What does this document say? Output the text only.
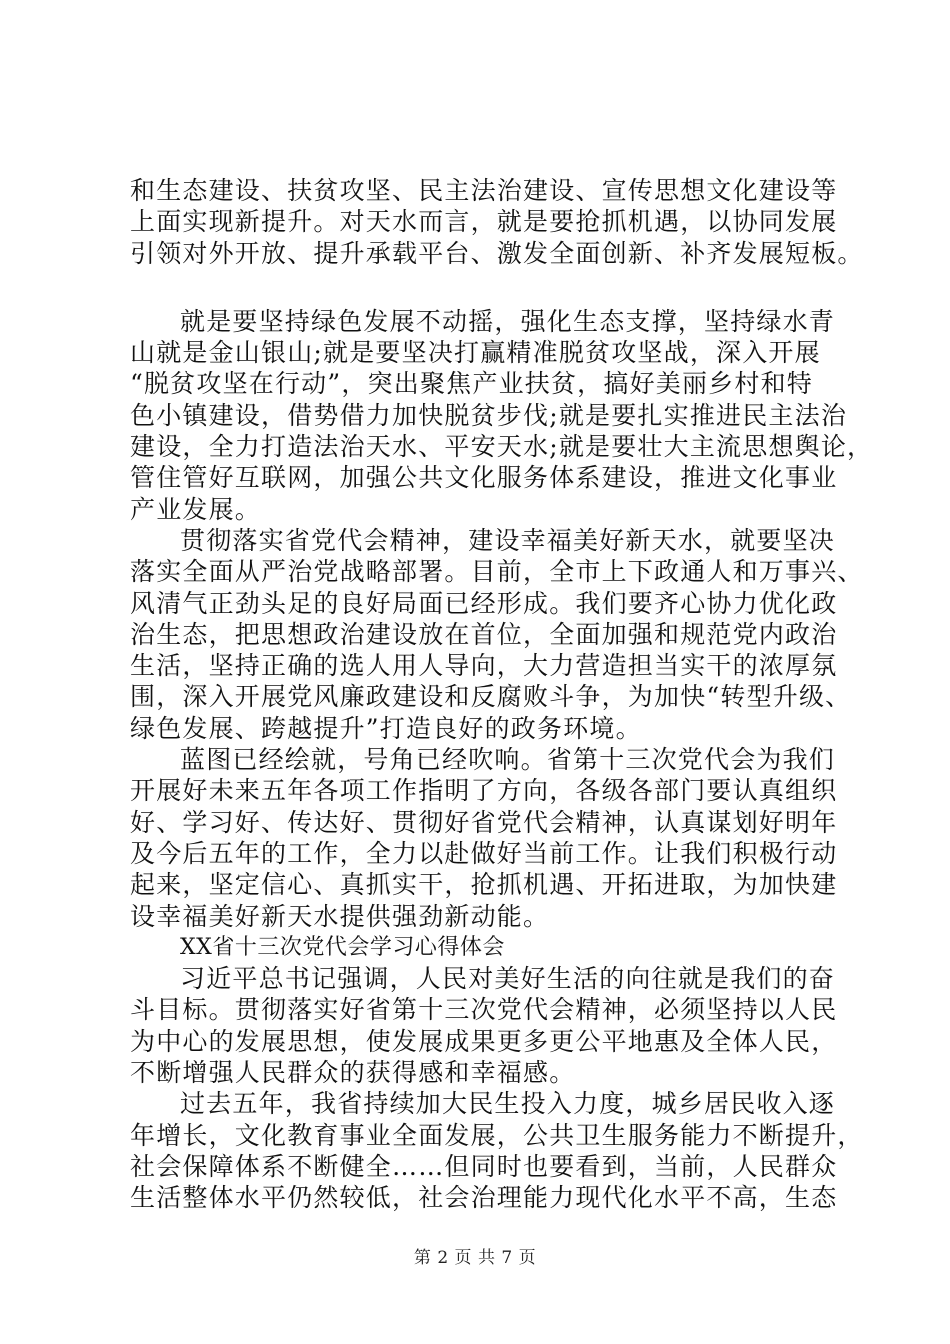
和生态建设、扶贫攻坚、民主法治建设、宣传思想文化建设等
上面实现新提升。对天水而言，就是要抢抓机遇，以协同发展
引领对外开放、提升承载平台、激发全面创新、补齐发展短板。
就是要坚持绿色发展不动摇，强化生态支撑，坚持绿水青
山就是金山银山;就是要坚决打赢精准脱贫攻坚战，深入开展
“脱贫攻坚在行动”，突出聚焦产业扶贫，搞好美丽乡村和特
色小镇建设，借势借力加快脱贫步伐;就是要扎实推进民主法治
建设，全力打造法治天水、平安天水;就是要壮大主流思想舆论，
管住管好互联网，加强公共文化服务体系建设，推进文化事业
产业发展。
贯彻落实省党代会精神，建设幸福美好新天水，就要坚决
落实全面从严治党战略部署。目前，全市上下政通人和万事兴、
风清气正劲头足的良好局面已经形成。我们要齐心协力优化政
治生态，把思想政治建设放在首位，全面加强和规范党内政治
生活，坚持正确的选人用人导向，大力营造担当实干的浓厚氛
围，深入开展党风廉政建设和反腐败斗争，为加快“转型升级、
绿色发展、跨越提升”打造良好的政务环境。
蓝图已经绘就，号角已经吹响。省第十三次党代会为我们
开展好未来五年各项工作指明了方向，各级各部门要认真组织
好、学习好、传达好、贯彻好省党代会精神，认真谋划好明年
及今后五年的工作，全力以赴做好当前工作。让我们积极行动
起来，坚定信心、真抓实干，抢抓机遇、开拓进取，为加快建
设幸福美好新天水提供强劲新动能。
XX省十三次党代会学习心得体会
习近平总书记强调，人民对美好生活的向往就是我们的奋
斗目标。贯彻落实好省第十三次党代会精神，必须坚持以人民
为中心的发展思想，使发展成果更多更公平地惠及全体人民，
不断增强人民群众的获得感和幸福感。
过去五年，我省持续加大民生投入力度，城乡居民收入逐
年增长，文化教育事业全面发展，公共卫生服务能力不断提升，
社会保障体系不断健全……但同时也要看到，当前，人民群众
生活整体水平仍然较低，社会治理能力现代化水平不高，生态
第 2 页 共 7 页
